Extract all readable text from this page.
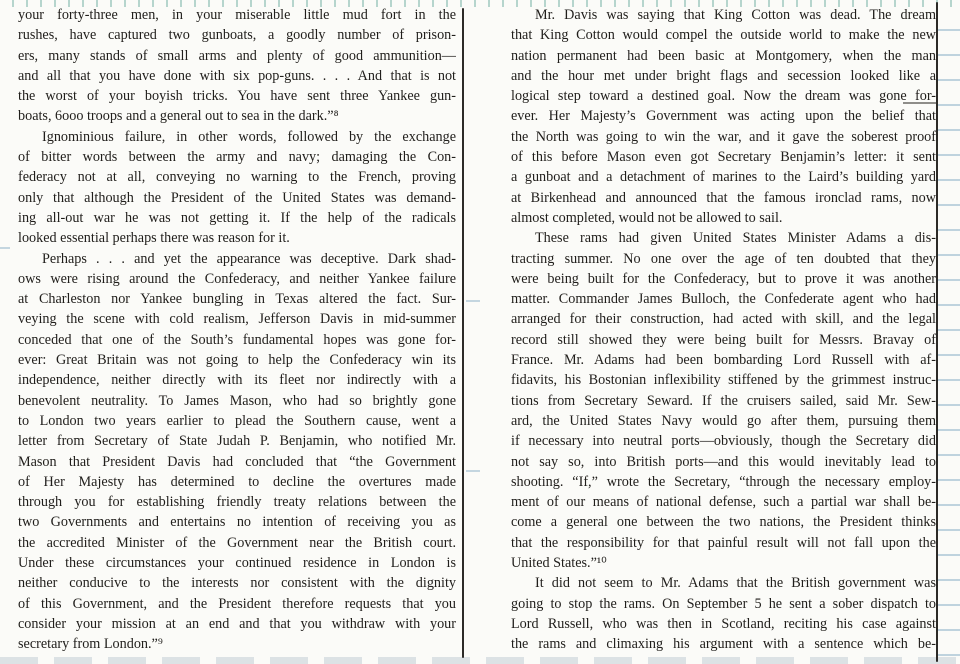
your forty-three men, in your miserable little mud fort in the
rushes, have captured two gunboats, a goodly number of prison-
ers, many stands of small arms and plenty of good ammunition—
and all that you have done with six pop-guns. . . . And that is not
the worst of your boyish tricks. You have sent three Yankee gun-
boats, 6ooo troops and a general out to sea in the dark.”⁸
Ignominious failure, in other words, followed by the exchange
of bitter words between the army and navy; damaging the Con-
federacy not at all, conveying no warning to the French, proving
only that although the President of the United States was demand-
ing all-out war he was not getting it. If the help of the radicals
looked essential perhaps there was reason for it.
Perhaps . . . and yet the appearance was deceptive. Dark shad-
ows were rising around the Confederacy, and neither Yankee failure
at Charleston nor Yankee bungling in Texas altered the fact. Sur-
veying the scene with cold realism, Jefferson Davis in mid-summer
conceded that one of the South’s fundamental hopes was gone for-
ever: Great Britain was not going to help the Confederacy win its
independence, neither directly with its fleet nor indirectly with a
benevolent neutrality. To James Mason, who had so brightly gone
to London two years earlier to plead the Southern cause, went a
letter from Secretary of State Judah P. Benjamin, who notified Mr.
Mason that President Davis had concluded that “the Government
of Her Majesty has determined to decline the overtures made
through you for establishing friendly treaty relations between the
two Governments and entertains no intention of receiving you as
the accredited Minister of the Government near the British court.
Under these circumstances your continued residence in London is
neither conducive to the interests nor consistent with the dignity
of this Government, and the President therefore requests that you
consider your mission at an end and that you withdraw with your
secretary from London.”⁹
Mr. Davis was saying that King Cotton was dead. The dream
that King Cotton would compel the outside world to make the new
nation permanent had been basic at Montgomery, when the man
and the hour met under bright flags and secession looked like a
logical step toward a destined goal. Now the dream was gone for-
ever. Her Majesty’s Government was acting upon the belief that
the North was going to win the war, and it gave the soberest proof
of this before Mason even got Secretary Benjamin’s letter: it sent
a gunboat and a detachment of marines to the Laird’s building yard
at Birkenhead and announced that the famous ironclad rams, now
almost completed, would not be allowed to sail.
These rams had given United States Minister Adams a dis-
tracting summer. No one over the age of ten doubted that they
were being built for the Confederacy, but to prove it was another
matter. Commander James Bulloch, the Confederate agent who had
arranged for their construction, had acted with skill, and the legal
record still showed they were being built for Messrs. Bravay of
France. Mr. Adams had been bombarding Lord Russell with af-
fidavits, his Bostonian inflexibility stiffened by the grimmest instruc-
tions from Secretary Seward. If the cruisers sailed, said Mr. Sew-
ard, the United States Navy would go after them, pursuing them
if necessary into neutral ports—obviously, though the Secretary did
not say so, into British ports—and this would inevitably lead to
shooting. “If,” wrote the Secretary, “through the necessary employ-
ment of our means of national defense, such a partial war shall be-
come a general one between the two nations, the President thinks
that the responsibility for that painful result will not fall upon the
United States.”¹⁰
It did not seem to Mr. Adams that the British government was
going to stop the rams. On September 5 he sent a sober dispatch to
Lord Russell, who was then in Scotland, reciting his case against
the rams and climaxing his argument with a sentence which be-
